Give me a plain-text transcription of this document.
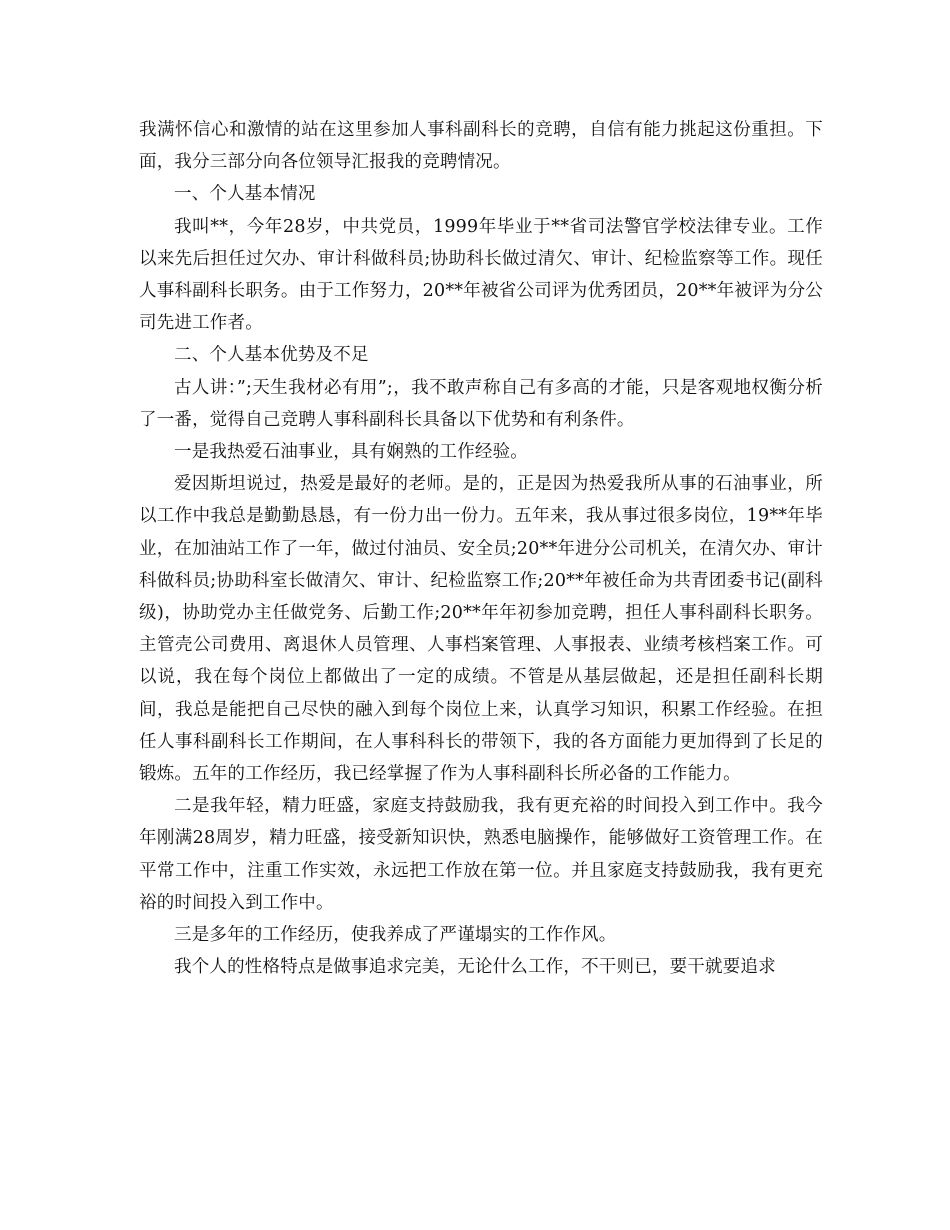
我满怀信心和激情的站在这里参加人事科副科长的竞聘，自信有能力挑起这份重担。下面，我分三部分向各位领导汇报我的竞聘情况。

一、个人基本情况

我叫**，今年28岁，中共党员，1999年毕业于**省司法警官学校法律专业。工作以来先后担任过欠办、审计科做科员;协助科长做过清欠、审计、纪检监察等工作。现任人事科副科长职务。由于工作努力，20**年被省公司评为优秀团员，20**年被评为分公司先进工作者。

二、个人基本优势及不足

古人讲：”;天生我材必有用”;，我不敢声称自己有多高的才能，只是客观地权衡分析了一番，觉得自己竞聘人事科副科长具备以下优势和有利条件。

一是我热爱石油事业，具有娴熟的工作经验。

爱因斯坦说过，热爱是最好的老师。是的，正是因为热爱我所从事的石油事业，所以工作中我总是勤勤恳恳，有一份力出一份力。五年来，我从事过很多岗位，19**年毕业，在加油站工作了一年，做过付油员、安全员;20**年进分公司机关，在清欠办、审计科做科员;协助科室长做清欠、审计、纪检监察工作;20**年被任命为共青团委书记(副科级)，协助党办主任做党务、后勤工作;20**年年初参加竞聘，担任人事科副科长职务。主管壳公司费用、离退休人员管理、人事档案管理、人事报表、业绩考核档案工作。可以说，我在每个岗位上都做出了一定的成绩。不管是从基层做起，还是担任副科长期间，我总是能把自己尽快的融入到每个岗位上来，认真学习知识，积累工作经验。在担任人事科副科长工作期间，在人事科科长的带领下，我的各方面能力更加得到了长足的锻炼。五年的工作经历，我已经掌握了作为人事科副科长所必备的工作能力。

二是我年轻，精力旺盛，家庭支持鼓励我，我有更充裕的时间投入到工作中。我今年刚满28周岁，精力旺盛，接受新知识快，熟悉电脑操作，能够做好工资管理工作。在平常工作中，注重工作实效，永远把工作放在第一位。并且家庭支持鼓励我，我有更充裕的时间投入到工作中。

三是多年的工作经历，使我养成了严谨塌实的工作作风。

我个人的性格特点是做事追求完美，无论什么工作，不干则已，要干就要追求
